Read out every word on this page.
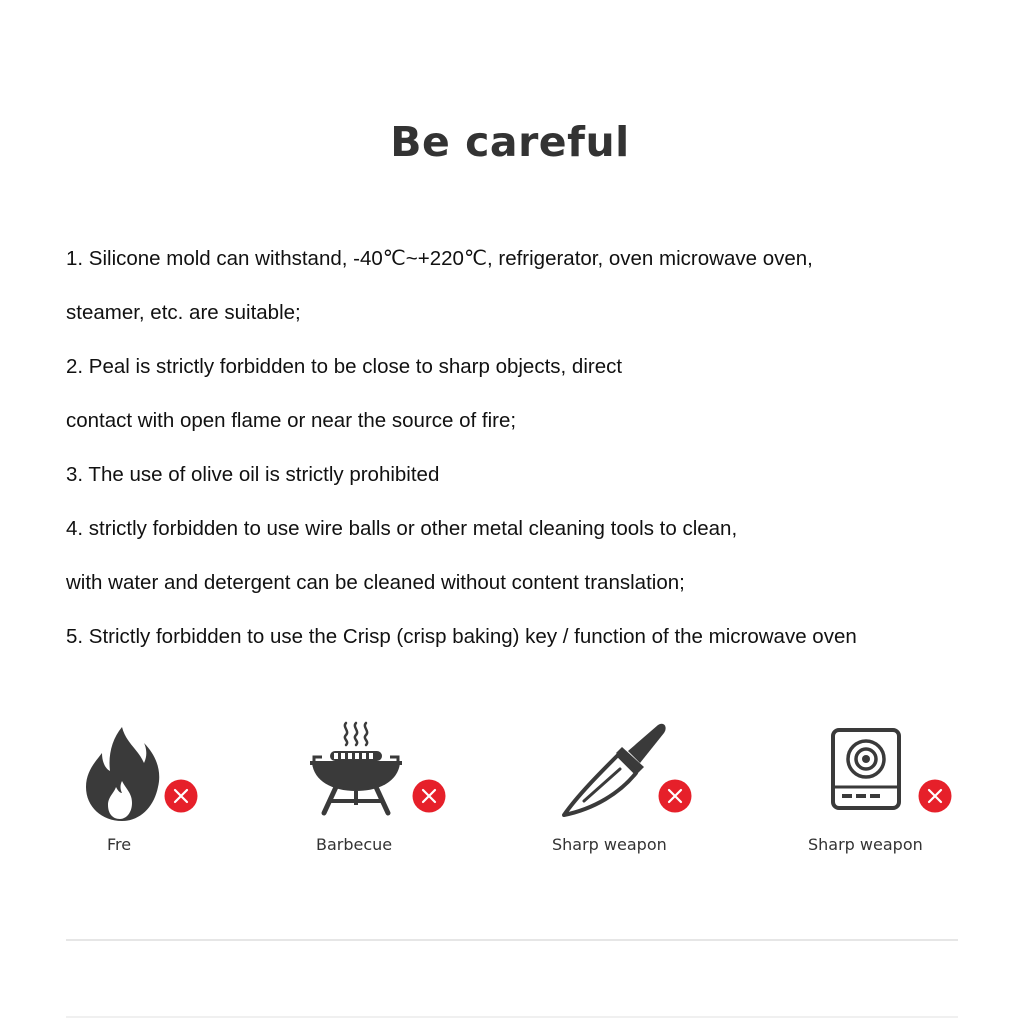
Be careful
1. Silicone mold can withstand, -40℃~+220℃, refrigerator, oven microwave oven,
steamer, etc. are suitable;
2. Peal is strictly forbidden to be close to sharp objects, direct
contact with open flame or near the source of fire;
3. The use of olive oil is strictly prohibited
4. strictly forbidden to use wire balls or other metal cleaning tools to clean,
with water and detergent can be cleaned without content translation;
5. Strictly forbidden to use the Crisp (crisp baking) key / function of the microwave oven
Fre	Barbecue	Sharp weapon	Sharp weapon
